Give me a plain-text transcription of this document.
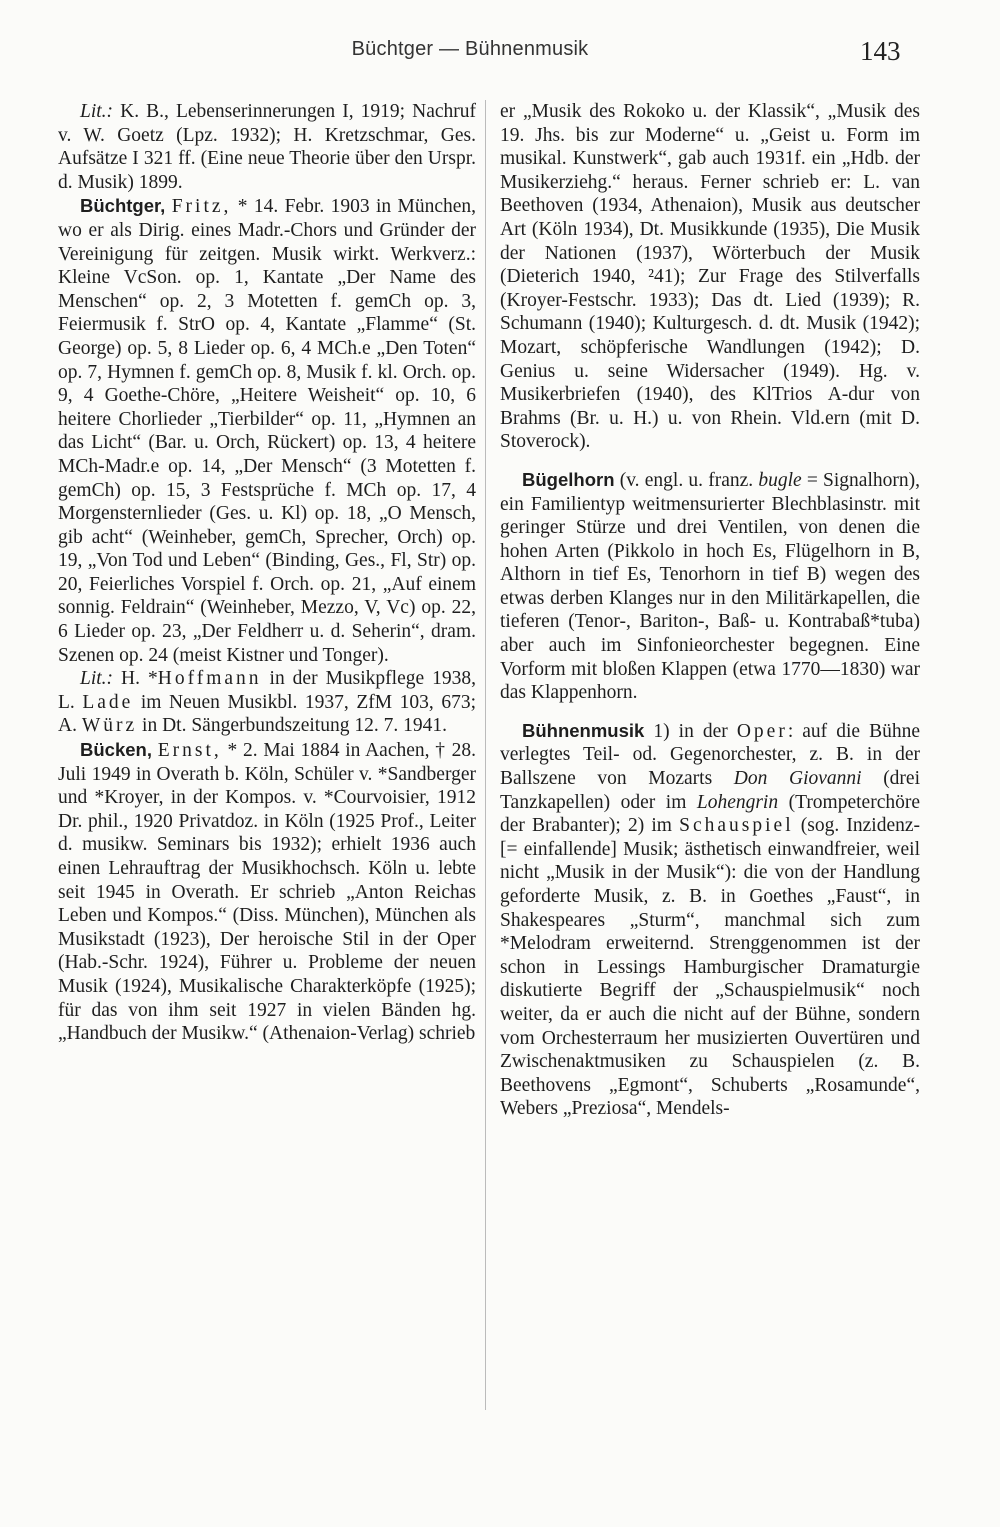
Büchtger — Bühnenmusik	143

Lit.: K. B., Lebenserinnerungen I, 1919; Nachruf v. W. Goetz (Lpz. 1932); H. Kretzschmar, Ges. Aufsätze I 321 ff. (Eine neue Theorie über den Urspr. d. Musik) 1899.

Büchtger, Fritz, * 14. Febr. 1903 in München, wo er als Dirig. eines Madr.-Chors und Gründer der Vereinigung für zeitgen. Musik wirkt. Werkverz.: Kleine VcSon. op. 1, Kantate „Der Name des Menschen“ op. 2, 3 Motetten f. gemCh op. 3, Feiermusik f. StrO op. 4, Kantate „Flamme“ (St. George) op. 5, 8 Lieder op. 6, 4 MCh.e „Den Toten“ op. 7, Hymnen f. gemCh op. 8, Musik f. kl. Orch. op. 9, 4 Goethe-Chöre, „Heitere Weisheit“ op. 10, 6 heitere Chorlieder „Tierbilder“ op. 11, „Hymnen an das Licht“ (Bar. u. Orch, Rückert) op. 13, 4 heitere MCh-Madr.e op. 14, „Der Mensch“ (3 Motetten f. gemCh) op. 15, 3 Festsprüche f. MCh op. 17, 4 Morgensternlieder (Ges. u. Kl) op. 18, „O Mensch, gib acht“ (Weinheber, gemCh, Sprecher, Orch) op. 19, „Von Tod und Leben“ (Binding, Ges., Fl, Str) op. 20, Feierliches Vorspiel f. Orch. op. 21, „Auf einem sonnig. Feldrain“ (Weinheber, Mezzo, V, Vc) op. 22, 6 Lieder op. 23, „Der Feldherr u. d. Seherin“, dram. Szenen op. 24 (meist Kistner und Tonger).

Lit.: H. *Hoffmann in der Musikpflege 1938, L. Lade im Neuen Musikbl. 1937, ZfM 103, 673; A. Würz in Dt. Sängerbundszeitung 12. 7. 1941.

Bücken, Ernst, * 2. Mai 1884 in Aachen, † 28. Juli 1949 in Overath b. Köln, Schüler v. *Sandberger und *Kroyer, in der Kompos. v. *Courvoisier, 1912 Dr. phil., 1920 Privatdoz. in Köln (1925 Prof., Leiter d. musikw. Seminars bis 1932); erhielt 1936 auch einen Lehrauftrag der Musikhochsch. Köln u. lebte seit 1945 in Overath. Er schrieb „Anton Reichas Leben und Kompos.“ (Diss. München), München als Musikstadt (1923), Der heroische Stil in der Oper (Hab.-Schr. 1924), Führer u. Probleme der neuen Musik (1924), Musikalische Charakterköpfe (1925); für das von ihm seit 1927 in vielen Bänden hg. „Handbuch der Musikw.“ (Athenaion-Verlag) schrieb

er „Musik des Rokoko u. der Klassik“, „Musik des 19. Jhs. bis zur Moderne“ u. „Geist u. Form im musikal. Kunstwerk“, gab auch 1931f. ein „Hdb. der Musikerziehg.“ heraus. Ferner schrieb er: L. van Beethoven (1934, Athenaion), Musik aus deutscher Art (Köln 1934), Dt. Musikkunde (1935), Die Musik der Nationen (1937), Wörterbuch der Musik (Dieterich 1940, ²41); Zur Frage des Stilverfalls (Kroyer-Festschr. 1933); Das dt. Lied (1939); R. Schumann (1940); Kulturgesch. d. dt. Musik (1942); Mozart, schöpferische Wandlungen (1942); D. Genius u. seine Widersacher (1949). Hg. v. Musikerbriefen (1940), des KlTrios A-dur von Brahms (Br. u. H.) u. von Rhein. Vld.ern (mit D. Stoverock).

Bügelhorn (v. engl. u. franz. bugle = Signalhorn), ein Familientyp weitmensurierter Blechblasinstr. mit geringer Stürze und drei Ventilen, von denen die hohen Arten (Pikkolo in hoch Es, Flügelhorn in B, Althorn in tief Es, Tenorhorn in tief B) wegen des etwas derben Klanges nur in den Militärkapellen, die tieferen (Tenor-, Bariton-, Baß- u. Kontrabaß*tuba) aber auch im Sinfonieorchester begegnen. Eine Vorform mit bloßen Klappen (etwa 1770—1830) war das Klappenhorn.

Bühnenmusik 1) in der Oper: auf die Bühne verlegtes Teil- od. Gegenorchester, z. B. in der Ballszene von Mozarts Don Giovanni (drei Tanzkapellen) oder im Lohengrin (Trompeterchöre der Brabanter); 2) im Schauspiel (sog. Inzidenz- [= einfallende] Musik; ästhetisch einwandfreier, weil nicht „Musik in der Musik“): die von der Handlung geforderte Musik, z. B. in Goethes „Faust“, in Shakespeares „Sturm“, manchmal sich zum *Melodram erweiternd. Strenggenommen ist der schon in Lessings Hamburgischer Dramaturgie diskutierte Begriff der „Schauspielmusik“ noch weiter, da er auch die nicht auf der Bühne, sondern vom Orchesterraum her musizierten Ouvertüren und Zwischenaktmusiken zu Schauspielen (z. B. Beethovens „Egmont“, Schuberts „Rosamunde“, Webers „Preziosa“, Mendels-
